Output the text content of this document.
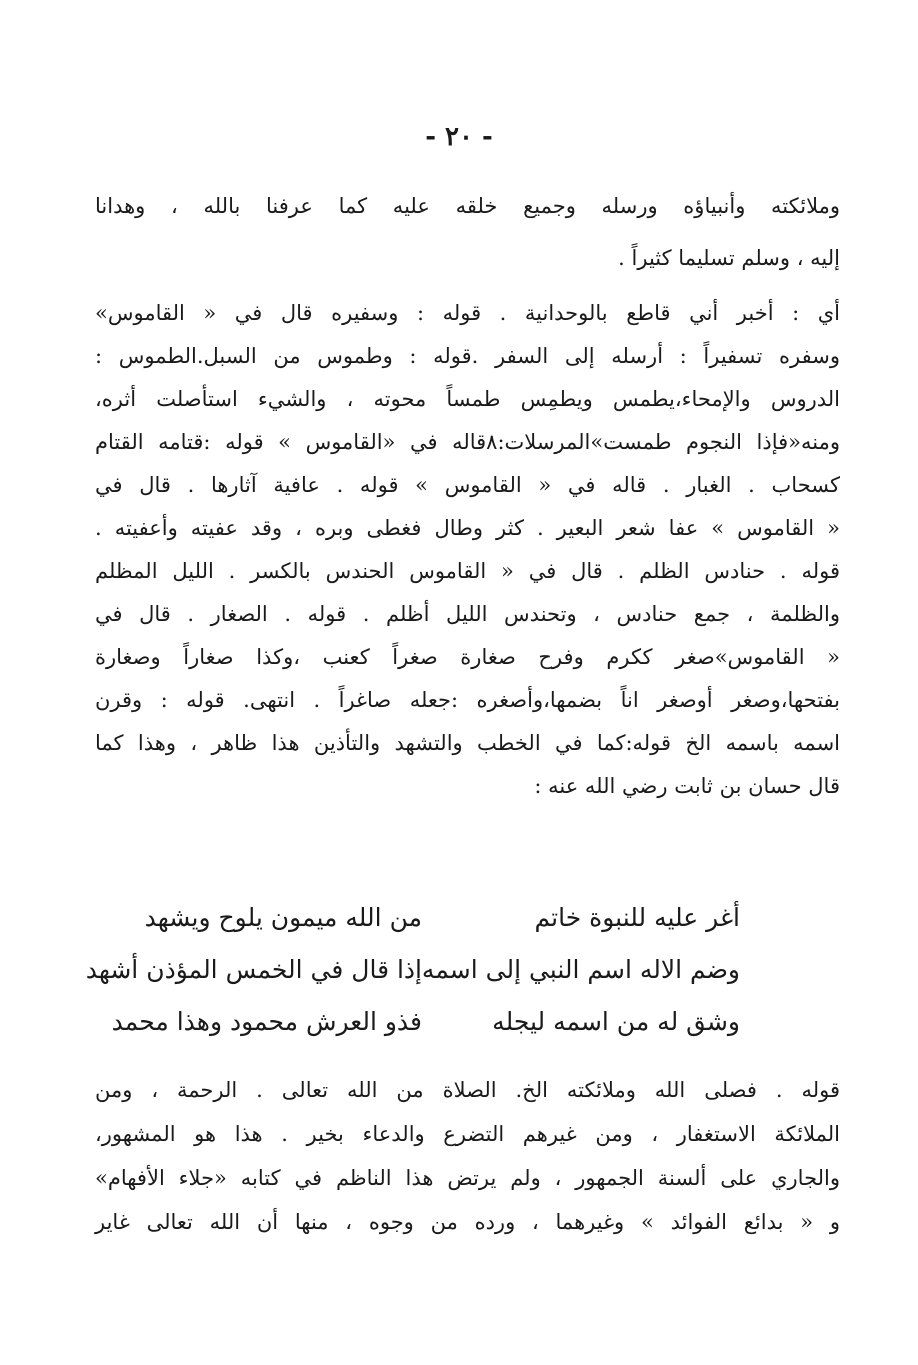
- ٢٠ -
وملائكته وأنبياؤه ورسله وجميع خلقه عليه كما عرفنا بالله ، وهدانا
إليه ، وسلم تسليما كثيراً .
أي : أخبر أني قاطع بالوحدانية . قوله : وسفيره قال في « القاموس»
وسفره تسفيراً : أرسله إلى السفر .قوله : وطموس من السبل.الطموس :
الدروس والإمحاء،يطمس ويطمِس طمساً محوته ، والشيء استأصلت أثره،
ومنه«فإذا النجوم طمست»المرسلات:٨قاله في «القاموس » قوله :قتامه القتام
كسحاب . الغبار . قاله في « القاموس » قوله . عافية آثارها . قال في
« القاموس » عفا شعر البعير . كثر وطال فغطى وبره ، وقد عفيته وأعفيته .
قوله . حنادس الظلم . قال في « القاموس الحندس بالكسر . الليل المظلم
والظلمة ، جمع حنادس ، وتحندس الليل أظلم . قوله . الصغار . قال في
« القاموس»صغر ككرم وفرح صغارة صغراً كعنب ،وكذا صغاراً وصغارة
بفتحها،وصغر أوصغر اناً بضمها،وأصغره :جعله صاغراً . انتهى. قوله : وقرن
اسمه باسمه الخ قوله:كما في الخطب والتشهد والتأذين هذا ظاهر ، وهذا كما
قال حسان بن ثابت رضي الله عنه :
أغر عليه للنبوة خاتم
من الله ميمون يلوح ويشهد
وضم الاله اسم النبي إلى اسمه
إذا قال في الخمس المؤذن أشهد
وشق له من اسمه ليجله
فذو العرش محمود وهذا محمد
قوله . فصلى الله وملائكته الخ. الصلاة من الله تعالى . الرحمة ، ومن
الملائكة الاستغفار ، ومن غيرهم التضرع والدعاء بخير . هذا هو المشهور،
والجاري على ألسنة الجمهور ، ولم يرتض هذا الناظم في كتابه «جلاء الأفهام»
و « بدائع الفوائد » وغيرهما ، ورده من وجوه ، منها أن الله تعالى غاير
